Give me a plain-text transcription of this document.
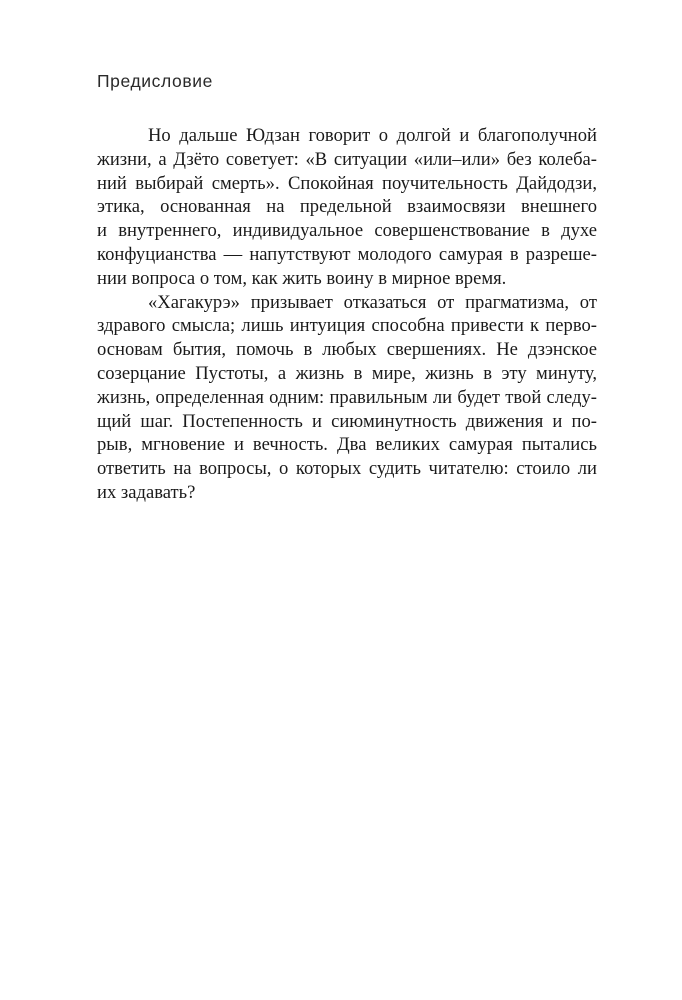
Предисловие
Но дальше Юдзан говорит о долгой и благополучной
жизни, а Дзёто советует: «В ситуации «или–или» без колеба-
ний выбирай смерть». Спокойная поучительность Дайдодзи,
этика, основанная на предельной взаимосвязи внешнего
и внутреннего, индивидуальное совершенствование в духе
конфуцианства — напутствуют молодого самурая в разреше-
нии вопроса о том, как жить воину в мирное время.
«Хагакурэ» призывает отказаться от прагматизма, от
здравого смысла; лишь интуиция способна привести к перво-
основам бытия, помочь в любых свершениях. Не дзэнское
созерцание Пустоты, а жизнь в мире, жизнь в эту минуту,
жизнь, определенная одним: правильным ли будет твой следу-
щий шаг. Постепенность и сиюминутность движения и по-
рыв, мгновение и вечность. Два великих самурая пытались
ответить на вопросы, о которых судить читателю: стоило ли
их задавать?
